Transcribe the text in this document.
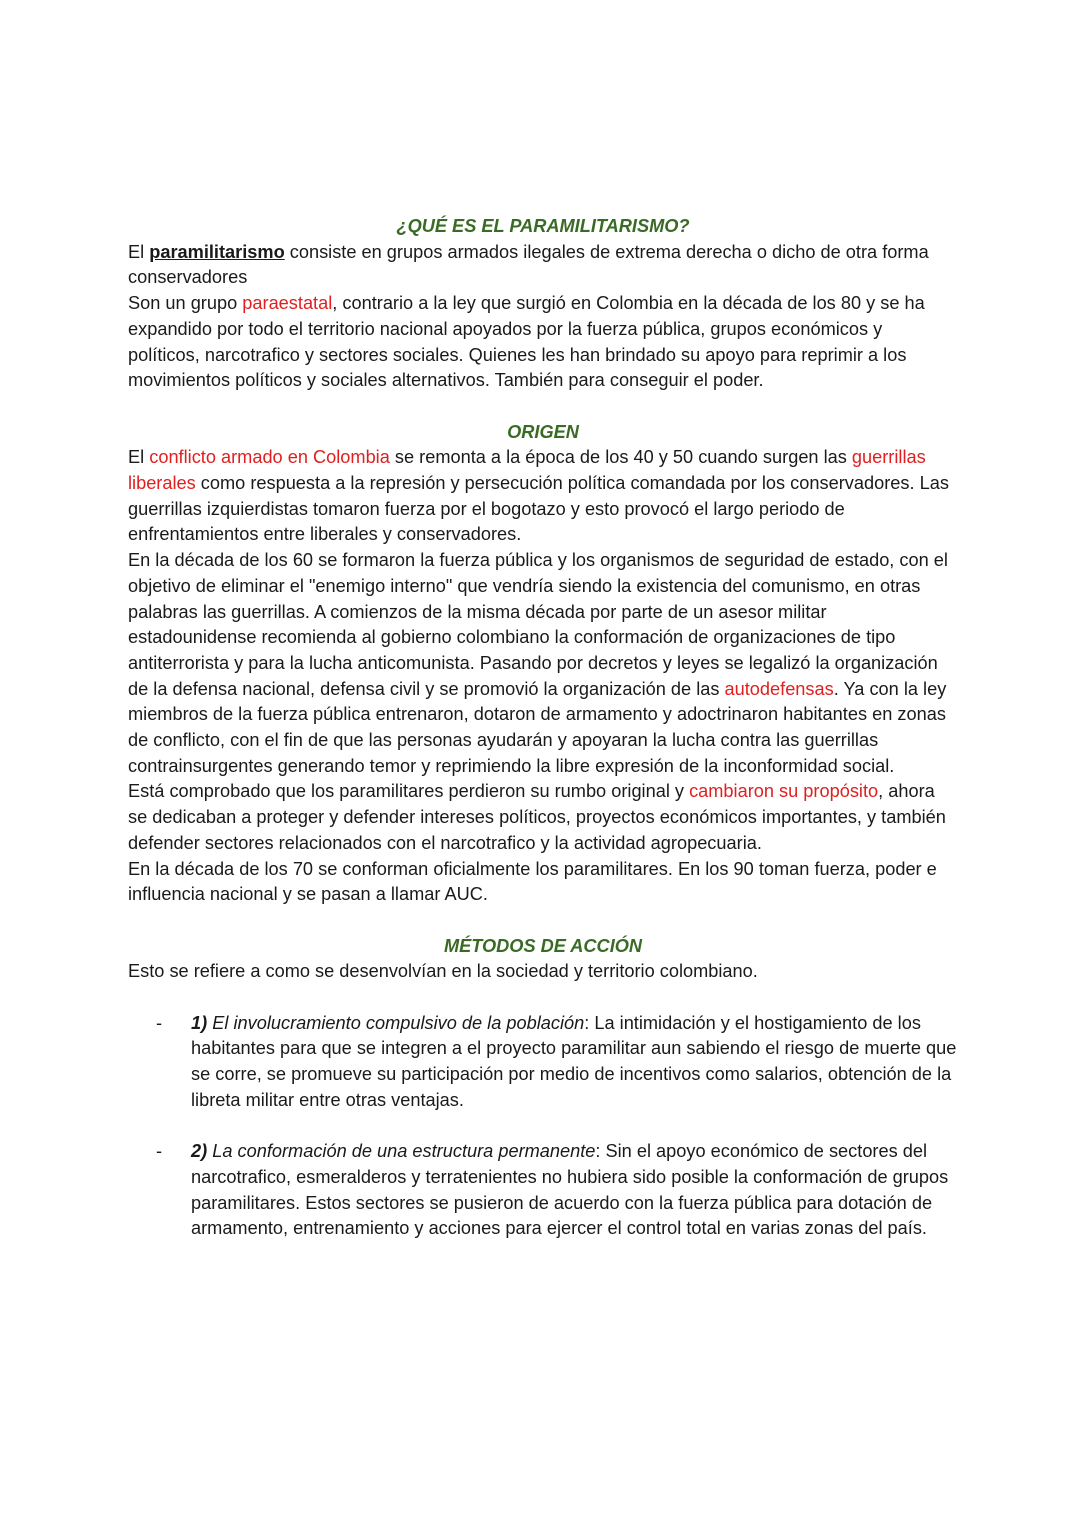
¿QUÉ ES EL PARAMILITARISMO?

El paramilitarismo consiste en grupos armados ilegales de extrema derecha o dicho de otra forma conservadores

Son un grupo paraestatal, contrario a la ley que surgió en Colombia en la década de los 80 y se ha expandido por todo el territorio nacional apoyados por la fuerza pública, grupos económicos y políticos, narcotrafico y sectores sociales. Quienes les han brindado su apoyo para reprimir a los movimientos políticos y sociales alternativos. También para conseguir el poder.

ORIGEN

El conflicto armado en Colombia se remonta a la época de los 40 y 50 cuando surgen las guerrillas liberales como respuesta a la represión y persecución política comandada por los conservadores. Las guerrillas izquierdistas tomaron fuerza por el bogotazo y esto provocó el largo periodo de enfrentamientos entre liberales y conservadores.

En la década de los 60 se formaron la fuerza pública y los organismos de seguridad de estado, con el objetivo de eliminar el "enemigo interno" que vendría siendo la existencia del comunismo, en otras palabras las guerrillas. A comienzos de la misma década por parte de un asesor militar estadounidense recomienda al gobierno colombiano la conformación de organizaciones de tipo antiterrorista y para la lucha anticomunista. Pasando por decretos y leyes se legalizó la organización de la defensa nacional, defensa civil y se promovió la organización de las autodefensas. Ya con la ley miembros de la fuerza pública entrenaron, dotaron de armamento y adoctrinaron habitantes en zonas de conflicto, con el fin de que las personas ayudarán y apoyaran la lucha contra las guerrillas contrainsurgentes generando temor y reprimiendo la libre expresión de la inconformidad social.

Está comprobado que los paramilitares perdieron su rumbo original y cambiaron su propósito, ahora se dedicaban a proteger y defender intereses políticos, proyectos económicos importantes, y también defender sectores relacionados con el narcotrafico y la actividad agropecuaria.

En la década de los 70 se conforman oficialmente los paramilitares. En los 90 toman fuerza, poder e influencia nacional y se pasan a llamar AUC.

MÉTODOS DE ACCIÓN

Esto se refiere a como se desenvolvían en la sociedad y territorio colombiano.

- 1) El involucramiento compulsivo de la población: La intimidación y el hostigamiento de los habitantes para que se integren a el proyecto paramilitar aun sabiendo el riesgo de muerte que se corre, se promueve su participación por medio de incentivos como salarios, obtención de la libreta militar entre otras ventajas.
- 2) La conformación de una estructura permanente: Sin el apoyo económico de sectores del narcotrafico, esmeralderos y terratenientes no hubiera sido posible la conformación de grupos paramilitares. Estos sectores se pusieron de acuerdo con la fuerza pública para dotación de armamento, entrenamiento y acciones para ejercer el control total en varias zonas del país.
